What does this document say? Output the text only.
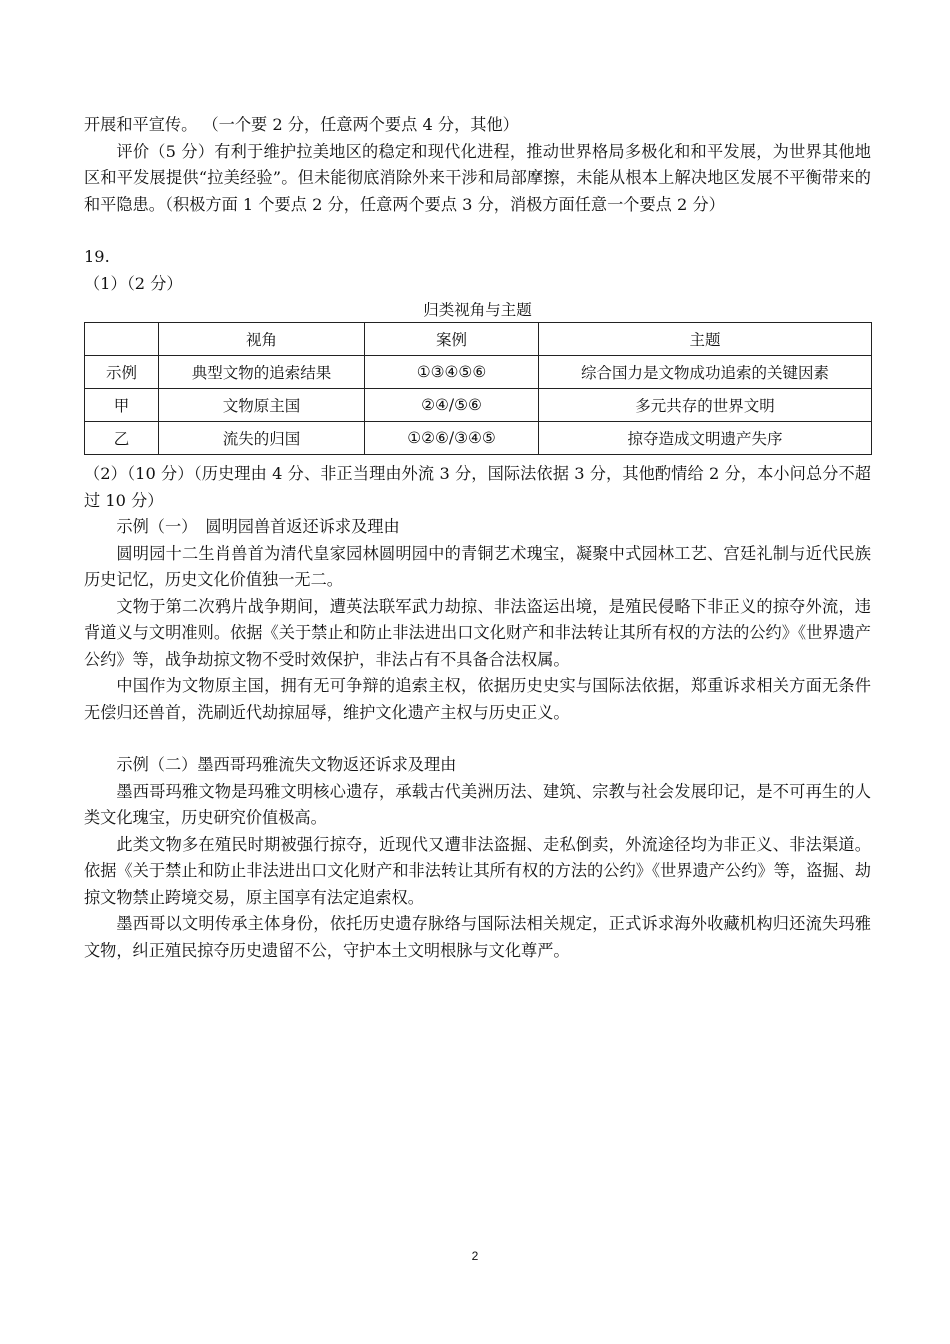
开展和平宣传。 （一个要 2 分，任意两个要点 4 分，其他）

评价（5 分）有利于维护拉美地区的稳定和现代化进程，推动世界格局多极化和和平发展，为世界其他地区和平发展提供“拉美经验”。但未能彻底消除外来干涉和局部摩擦，未能从根本上解决地区发展不平衡带来的和平隐患。（积极方面 1 个要点 2 分，任意两个要点 3 分，消极方面任意一个要点 2 分）

19.

（1）（2 分）

归类视角与主题
	视角	案例	主题
示例	典型文物的追索结果	①③④⑤⑥	综合国力是文物成功追索的关键因素
甲	文物原主国	②④/⑤⑥	多元共存的世界文明
乙	流失的归国	①②⑥/③④⑤	掠夺造成文明遗产失序

（2）（10 分）（历史理由 4 分、非正当理由外流 3 分，国际法依据 3 分，其他酌情给 2 分，本小问总分不超过 10 分）

示例（一）　圆明园兽首返还诉求及理由

圆明园十二生肖兽首为清代皇家园林圆明园中的青铜艺术瑰宝，凝聚中式园林工艺、宫廷礼制与近代民族历史记忆，历史文化价值独一无二。

文物于第二次鸦片战争期间，遭英法联军武力劫掠、非法盗运出境，是殖民侵略下非正义的掠夺外流，违背道义与文明准则。依据《关于禁止和防止非法进出口文化财产和非法转让其所有权的方法的公约》《世界遗产公约》等，战争劫掠文物不受时效保护，非法占有不具备合法权属。

中国作为文物原主国，拥有无可争辩的追索主权，依据历史史实与国际法依据，郑重诉求相关方面无条件无偿归还兽首，洗刷近代劫掠屈辱，维护文化遗产主权与历史正义。

示例（二）墨西哥玛雅流失文物返还诉求及理由

墨西哥玛雅文物是玛雅文明核心遗存，承载古代美洲历法、建筑、宗教与社会发展印记，是不可再生的人类文化瑰宝，历史研究价值极高。

此类文物多在殖民时期被强行掠夺，近现代又遭非法盗掘、走私倒卖，外流途径均为非正义、非法渠道。依据《关于禁止和防止非法进出口文化财产和非法转让其所有权的方法的公约》《世界遗产公约》等，盗掘、劫掠文物禁止跨境交易，原主国享有法定追索权。

墨西哥以文明传承主体身份，依托历史遗存脉络与国际法相关规定，正式诉求海外收藏机构归还流失玛雅文物，纠正殖民掠夺历史遗留不公，守护本土文明根脉与文化尊严。

2
